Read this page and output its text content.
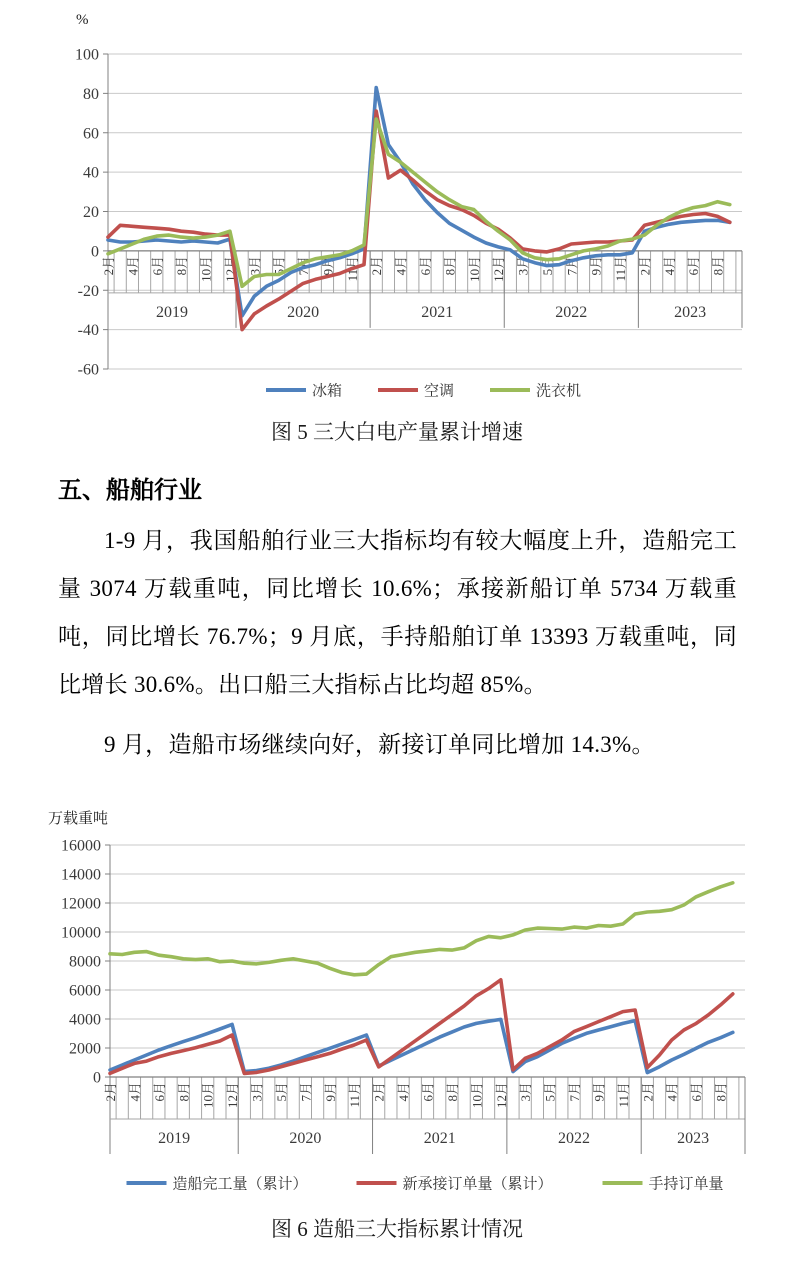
100
80
60
40
20
0
-20
-40
-60
%
2月 4月 6月 8月 10月 12月 3月 5月 7月 9月 11月 2月 4月 6月 8月 10月 12月 3月 5月 7月 9月 11月 2月 4月 6月 8月
2019	2020	2021	2022	2023
冰箱	空调	洗衣机

图 5 三大白电产量累计增速

五、船舶行业

1-9 月，我国船舶行业三大指标均有较大幅度上升，造船完工量 3074 万载重吨，同比增长 10.6%；承接新船订单 5734 万载重吨，同比增长 76.7%；9 月底，手持船舶订单 13393 万载重吨，同比增长 30.6%。出口船三大指标占比均超 85%。

9 月，造船市场继续向好，新接订单同比增加 14.3%。

16000
14000
12000
10000
8000
6000
4000
2000
0
万载重吨
2月 4月 6月 8月 10月 12月 3月 5月 7月 9月 11月 2月 4月 6月 8月 10月 12月 3月 5月 7月 9月 11月 2月 4月 6月 8月
2019	2020	2021	2022	2023
造船完工量（累计）	新承接订单量（累计）	手持订单量

图 6 造船三大指标累计情况
